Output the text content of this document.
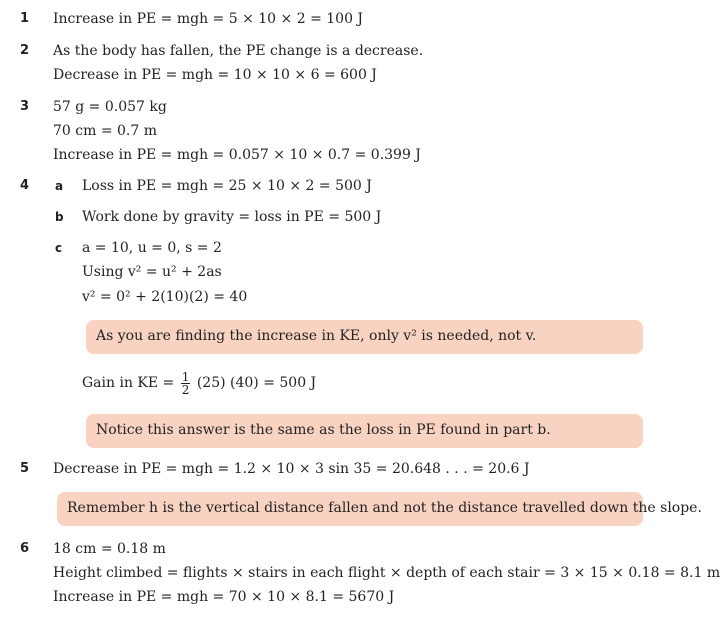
1 Increase in PE = mgh = 5 × 10 × 2 = 100 J
2 As the body has fallen, the PE change is a decrease.
Decrease in PE = mgh = 10 × 10 × 6 = 600 J
3 57 g = 0.057 kg
70 cm = 0.7 m
Increase in PE = mgh = 0.057 × 10 × 0.7 = 0.399 J
4 a Loss in PE = mgh = 25 × 10 × 2 = 500 J
b Work done by gravity = loss in PE = 500 J
c a = 10, u = 0, s = 2
Using v² = u² + 2as
v² = 0² + 2(10)(2) = 40
As you are finding the increase in KE, only v² is needed, not v.
Gain in KE = $\frac{1}{2} (25) (40) = 500$ J
Notice this answer is the same as the loss in PE found in part b.
5 Decrease in PE = mgh = 1.2 × 10 × 3 sin 35 = 20.648 . . . = 20.6 J
Remember h is the vertical distance fallen and not the distance travelled down the slope.
6 18 cm = 0.18 m
Height climbed = flights × stairs in each flight × depth of each stair = 3 × 15 × 0.18 = 8.1 m
Increase in PE = mgh = 70 × 10 × 8.1 = 5670 J
